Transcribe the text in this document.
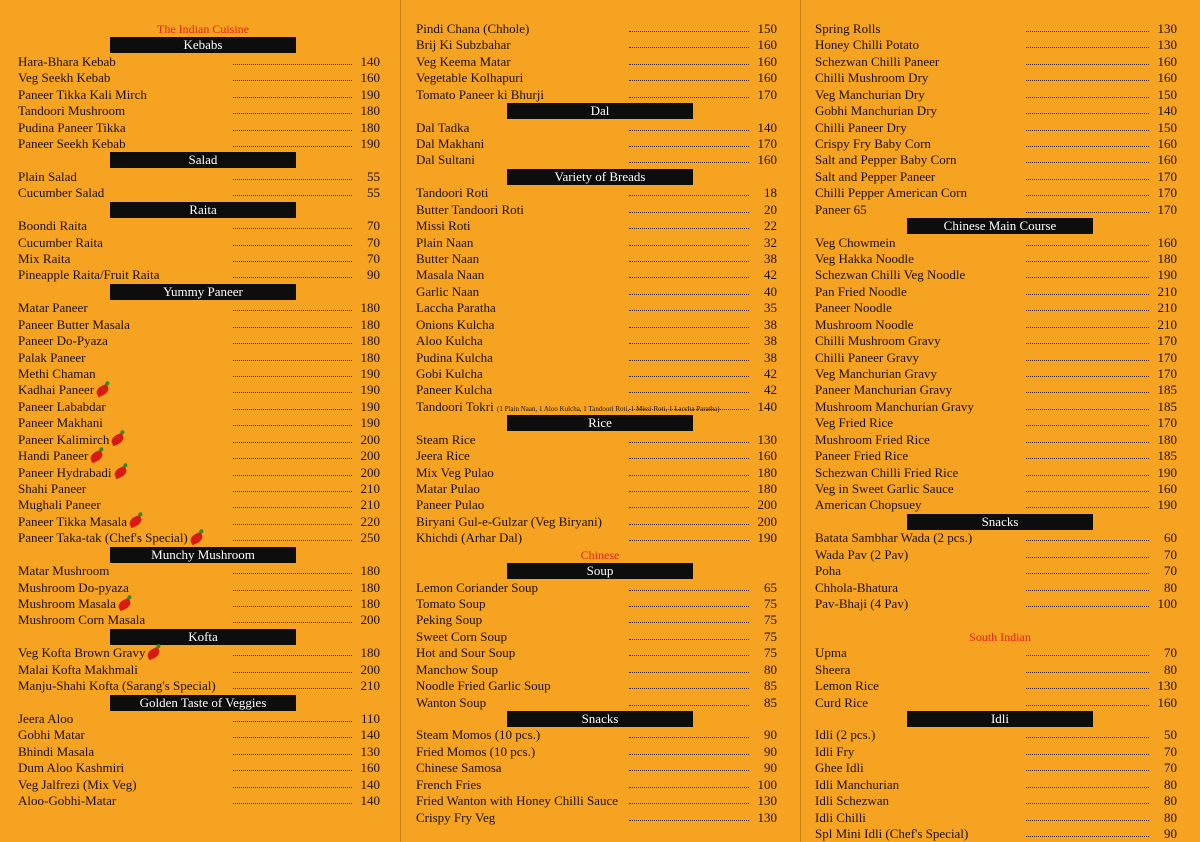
The Indian Cuisine
Kebabs
Hara-Bhara Kebab	140
Veg Seekh Kebab	160
Paneer Tikka Kali Mirch	190
Tandoori Mushroom	180
Pudina Paneer Tikka	180
Paneer Seekh Kebab	190
Salad
Plain Salad	55
Cucumber Salad	55
Raita
Boondi Raita	70
Cucumber Raita	70
Mix Raita	70
Pineapple Raita/Fruit Raita	90
Yummy Paneer
Matar Paneer	180
Paneer Butter Masala	180
Paneer Do-Pyaza	180
Palak Paneer	180
Methi Chaman	190
Kadhai Paneer	190
Paneer Lababdar	190
Paneer Makhani	190
Paneer Kalimirch	200
Handi Paneer	200
Paneer Hydrabadi	200
Shahi Paneer	210
Mughali Paneer	210
Paneer Tikka Masala	220
Paneer Taka-tak (Chef's Special)	250
Munchy Mushroom
Matar Mushroom	180
Mushroom Do-pyaza	180
Mushroom Masala	180
Mushroom Corn Masala	200
Kofta
Veg Kofta Brown Gravy	180
Malai Kofta Makhmali	200
Manju-Shahi Kofta (Sarang's Special)	210
Golden Taste of Veggies
Jeera Aloo	110
Gobhi Matar	140
Bhindi Masala	130
Dum Aloo Kashmiri	160
Veg Jalfrezi (Mix Veg)	140
Aloo-Gobhi-Matar	140
Pindi Chana (Chhole)	150
Brij Ki Subzbahar	160
Veg Keema Matar	160
Vegetable Kolhapuri	160
Tomato Paneer ki Bhurji	170
Dal
Dal Tadka	140
Dal Makhani	170
Dal Sultani	160
Variety of Breads
Tandoori Roti	18
Butter Tandoori Roti	20
Missi Roti	22
Plain Naan	32
Butter Naan	38
Masala Naan	42
Garlic Naan	40
Laccha Paratha	35
Onions Kulcha	38
Aloo Kulcha	38
Pudina Kulcha	38
Gobi Kulcha	42
Paneer Kulcha	42
Tandoori Tokri (1 Plain Naan, 1 Aloo Kulcha, 1 Tandoori Roti, 1 Missi Roti, 1 Laccha Paratha)	140
Rice
Steam Rice	130
Jeera Rice	160
Mix Veg Pulao	180
Matar Pulao	180
Paneer Pulao	200
Biryani Gul-e-Gulzar (Veg Biryani)	200
Khichdi (Arhar Dal)	190
Chinese
Soup
Lemon Coriander Soup	65
Tomato Soup	75
Peking Soup	75
Sweet Corn Soup	75
Hot and Sour Soup	75
Manchow Soup	80
Noodle Fried Garlic Soup	85
Wanton Soup	85
Snacks
Steam Momos (10 pcs.)	90
Fried Momos (10 pcs.)	90
Chinese Samosa	90
French Fries	100
Fried Wanton with Honey Chilli Sauce	130
Crispy Fry Veg	130
Spring Rolls	130
Honey Chilli Potato	130
Schezwan Chilli Paneer	160
Chilli Mushroom Dry	160
Veg Manchurian Dry	150
Gobhi Manchurian Dry	140
Chilli Paneer Dry	150
Crispy Fry Baby Corn	160
Salt and Pepper Baby Corn	160
Salt and Pepper Paneer	170
Chilli Pepper American Corn	170
Paneer 65	170
Chinese Main Course
Veg Chowmein	160
Veg Hakka Noodle	180
Schezwan Chilli Veg Noodle	190
Pan Fried Noodle	210
Paneer Noodle	210
Mushroom Noodle	210
Chilli Mushroom Gravy	170
Chilli Paneer Gravy	170
Veg Manchurian Gravy	170
Paneer Manchurian Gravy	185
Mushroom Manchurian Gravy	185
Veg Fried Rice	170
Mushroom Fried Rice	180
Paneer Fried Rice	185
Schezwan Chilli Fried Rice	190
Veg in Sweet Garlic Sauce	160
American Chopsuey	190
Snacks
Batata Sambhar Wada (2 pcs.)	60
Wada Pav (2 Pav)	70
Poha	70
Chhola-Bhatura	80
Pav-Bhaji (4 Pav)	100
South Indian
Upma	70
Sheera	80
Lemon Rice	130
Curd Rice	160
Idli
Idli (2 pcs.)	50
Idli Fry	70
Ghee Idli	70
Idli Manchurian	80
Idli Schezwan	80
Idli Chilli	80
Spl Mini Idli (Chef's Special)	90
